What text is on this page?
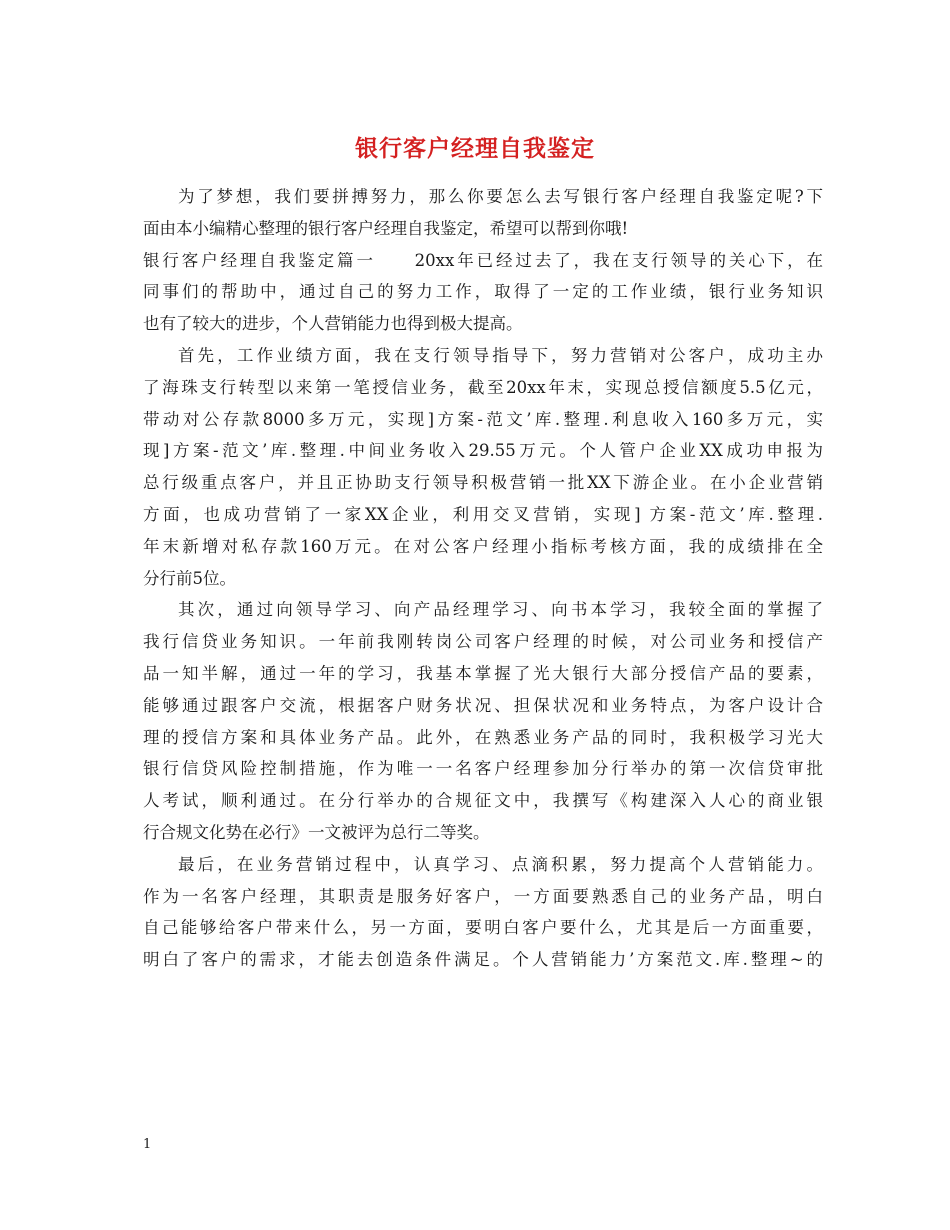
银行客户经理自我鉴定
为了梦想，我们要拼搏努力，那么你要怎么去写银行客户经理自我鉴定呢?下
面由本小编精心整理的银行客户经理自我鉴定，希望可以帮到你哦!
银行客户经理自我鉴定篇一　　20xx年已经过去了，我在支行领导的关心下，在
同事们的帮助中，通过自己的努力工作，取得了一定的工作业绩，银行业务知识
也有了较大的进步，个人营销能力也得到极大提高。
首先，工作业绩方面，我在支行领导指导下，努力营销对公客户，成功主办
了海珠支行转型以来第一笔授信业务，截至20xx年末，实现总授信额度5.5亿元，
带动对公存款8000多万元，实现]方案-范文’库.整理.利息收入160多万元，实
现]方案-范文’库.整理.中间业务收入29.55万元。个人管户企业XX成功申报为
总行级重点客户，并且正协助支行领导积极营销一批XX下游企业。在小企业营销
方面，也成功营销了一家XX企业，利用交叉营销，实现] 方案-范文’库.整理.
年末新增对私存款160万元。在对公客户经理小指标考核方面，我的成绩排在全
分行前5位。
其次，通过向领导学习、向产品经理学习、向书本学习，我较全面的掌握了
我行信贷业务知识。一年前我刚转岗公司客户经理的时候，对公司业务和授信产
品一知半解，通过一年的学习，我基本掌握了光大银行大部分授信产品的要素，
能够通过跟客户交流，根据客户财务状况、担保状况和业务特点，为客户设计合
理的授信方案和具体业务产品。此外，在熟悉业务产品的同时，我积极学习光大
银行信贷风险控制措施，作为唯一一名客户经理参加分行举办的第一次信贷审批
人考试，顺利通过。在分行举办的合规征文中，我撰写《构建深入人心的商业银
行合规文化势在必行》一文被评为总行二等奖。
最后，在业务营销过程中，认真学习、点滴积累，努力提高个人营销能力。
作为一名客户经理，其职责是服务好客户，一方面要熟悉自己的业务产品，明白
自己能够给客户带来什么，另一方面，要明白客户要什么，尤其是后一方面重要，
明白了客户的需求，才能去创造条件满足。个人营销能力’方案范文.库.整理~的
1
